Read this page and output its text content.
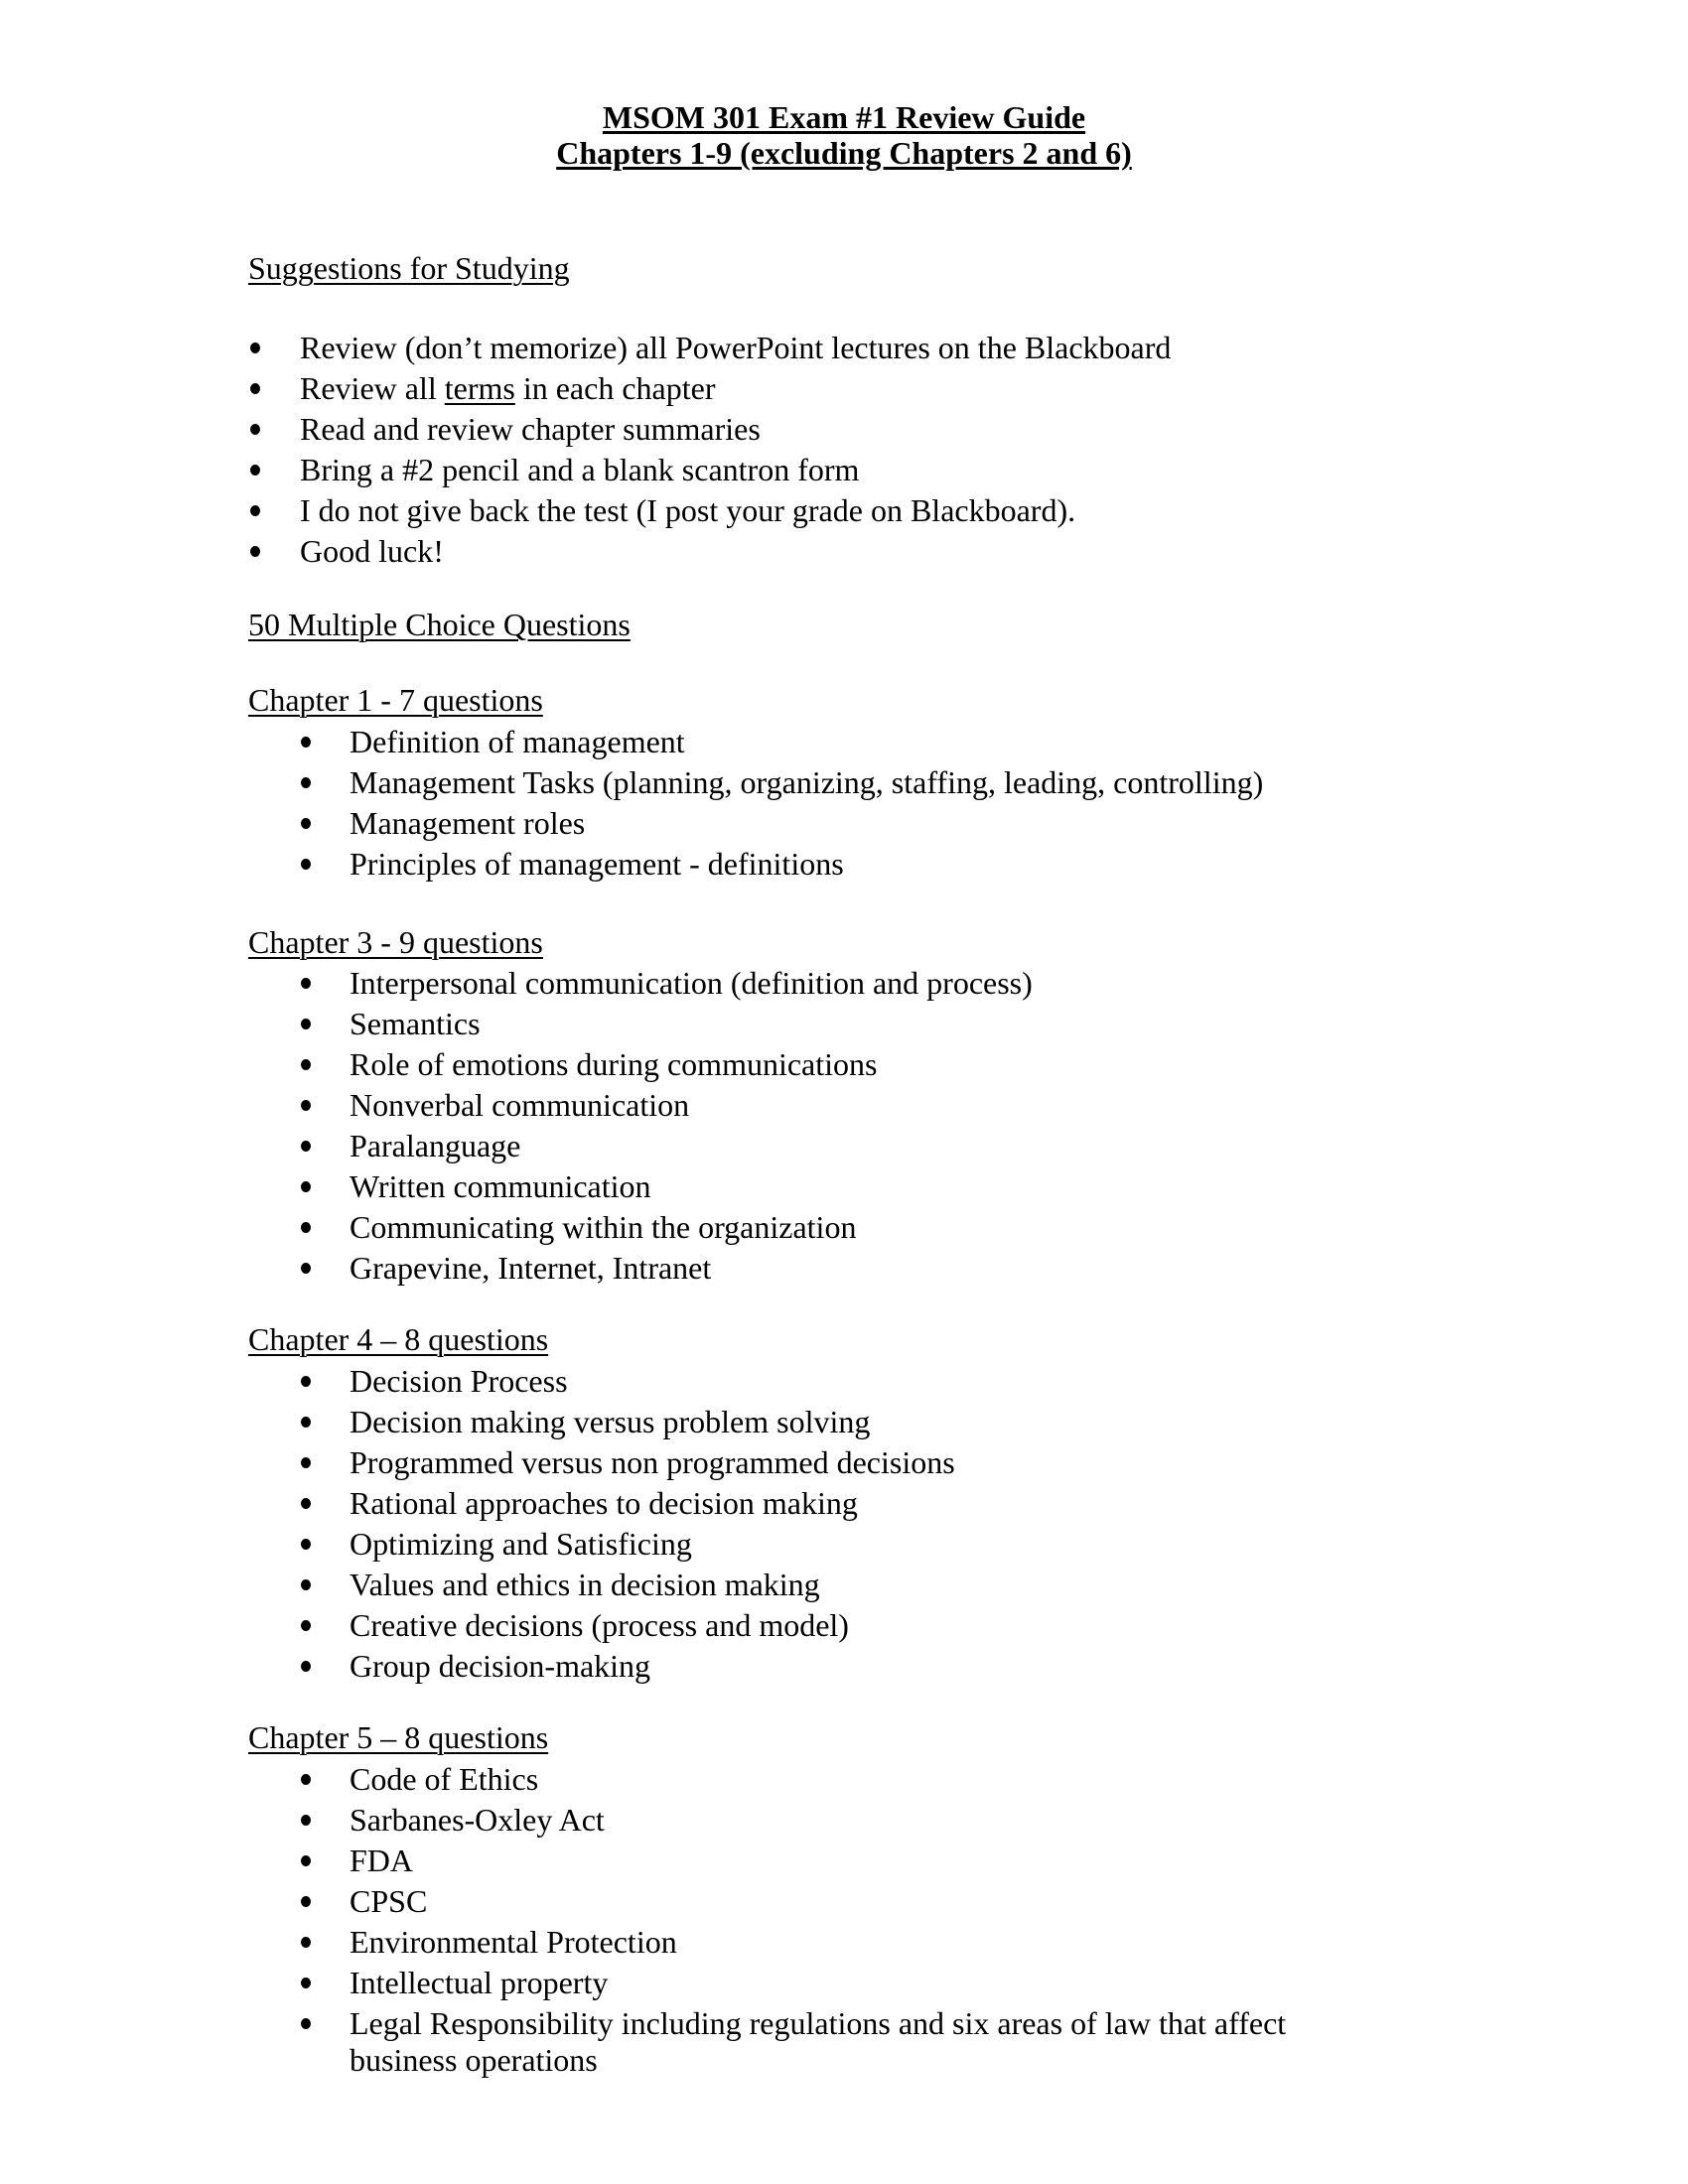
MSOM 301 Exam #1 Review Guide
Chapters 1-9 (excluding Chapters 2 and 6)
Suggestions for Studying
Review (don’t memorize) all PowerPoint lectures on the Blackboard
Review all terms in each chapter
Read and review chapter summaries
Bring a #2 pencil and a blank scantron form
I do not give back the test (I post your grade on Blackboard).
Good luck!
50 Multiple Choice Questions
Chapter 1 - 7 questions
Definition of management
Management Tasks (planning, organizing, staffing, leading, controlling)
Management roles
Principles of management - definitions
Chapter 3 - 9 questions
Interpersonal communication (definition and process)
Semantics
Role of emotions during communications
Nonverbal communication
Paralanguage
Written communication
Communicating within the organization
Grapevine, Internet, Intranet
Chapter 4 – 8 questions
Decision Process
Decision making versus problem solving
Programmed versus non programmed decisions
Rational approaches to decision making
Optimizing and Satisficing
Values and ethics in decision making
Creative decisions (process and model)
Group decision-making
Chapter 5 – 8 questions
Code of Ethics
Sarbanes-Oxley Act
FDA
CPSC
Environmental Protection
Intellectual property
Legal Responsibility including regulations and six areas of law that affect business operations
